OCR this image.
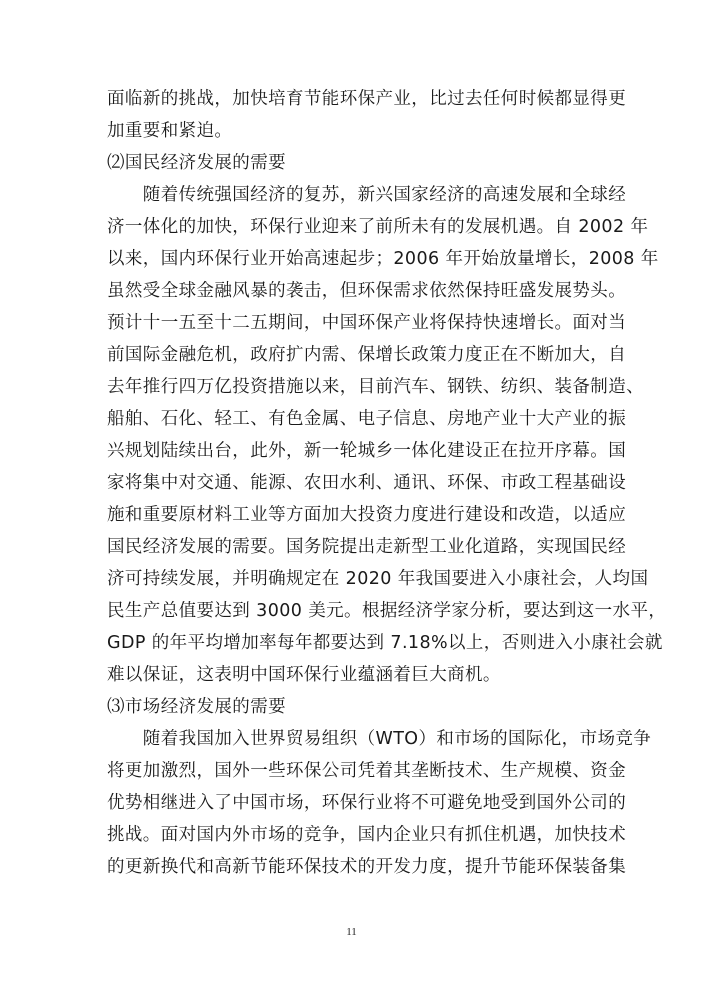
面临新的挑战，加快培育节能环保产业，比过去任何时候都显得更
加重要和紧迫。
⑵国民经济发展的需要
　　随着传统强国经济的复苏，新兴国家经济的高速发展和全球经
济一体化的加快，环保行业迎来了前所未有的发展机遇。自 2002 年
以来，国内环保行业开始高速起步；2006 年开始放量增长，2008 年
虽然受全球金融风暴的袭击，但环保需求依然保持旺盛发展势头。
预计十一五至十二五期间，中国环保产业将保持快速增长。面对当
前国际金融危机，政府扩内需、保增长政策力度正在不断加大，自
去年推行四万亿投资措施以来，目前汽车、钢铁、纺织、装备制造、
船舶、石化、轻工、有色金属、电子信息、房地产业十大产业的振
兴规划陆续出台，此外，新一轮城乡一体化建设正在拉开序幕。国
家将集中对交通、能源、农田水利、通讯、环保、市政工程基础设
施和重要原材料工业等方面加大投资力度进行建设和改造，以适应
国民经济发展的需要。国务院提出走新型工业化道路，实现国民经
济可持续发展，并明确规定在 2020 年我国要进入小康社会，人均国
民生产总值要达到 3000 美元。根据经济学家分析，要达到这一水平，
GDP 的年平均增加率每年都要达到 7.18%以上，否则进入小康社会就
难以保证，这表明中国环保行业蕴涵着巨大商机。
⑶市场经济发展的需要
　　随着我国加入世界贸易组织（WTO）和市场的国际化，市场竞争
将更加激烈，国外一些环保公司凭着其垄断技术、生产规模、资金
优势相继进入了中国市场，环保行业将不可避免地受到国外公司的
挑战。面对国内外市场的竞争，国内企业只有抓住机遇，加快技术
的更新换代和高新节能环保技术的开发力度，提升节能环保装备集
11
